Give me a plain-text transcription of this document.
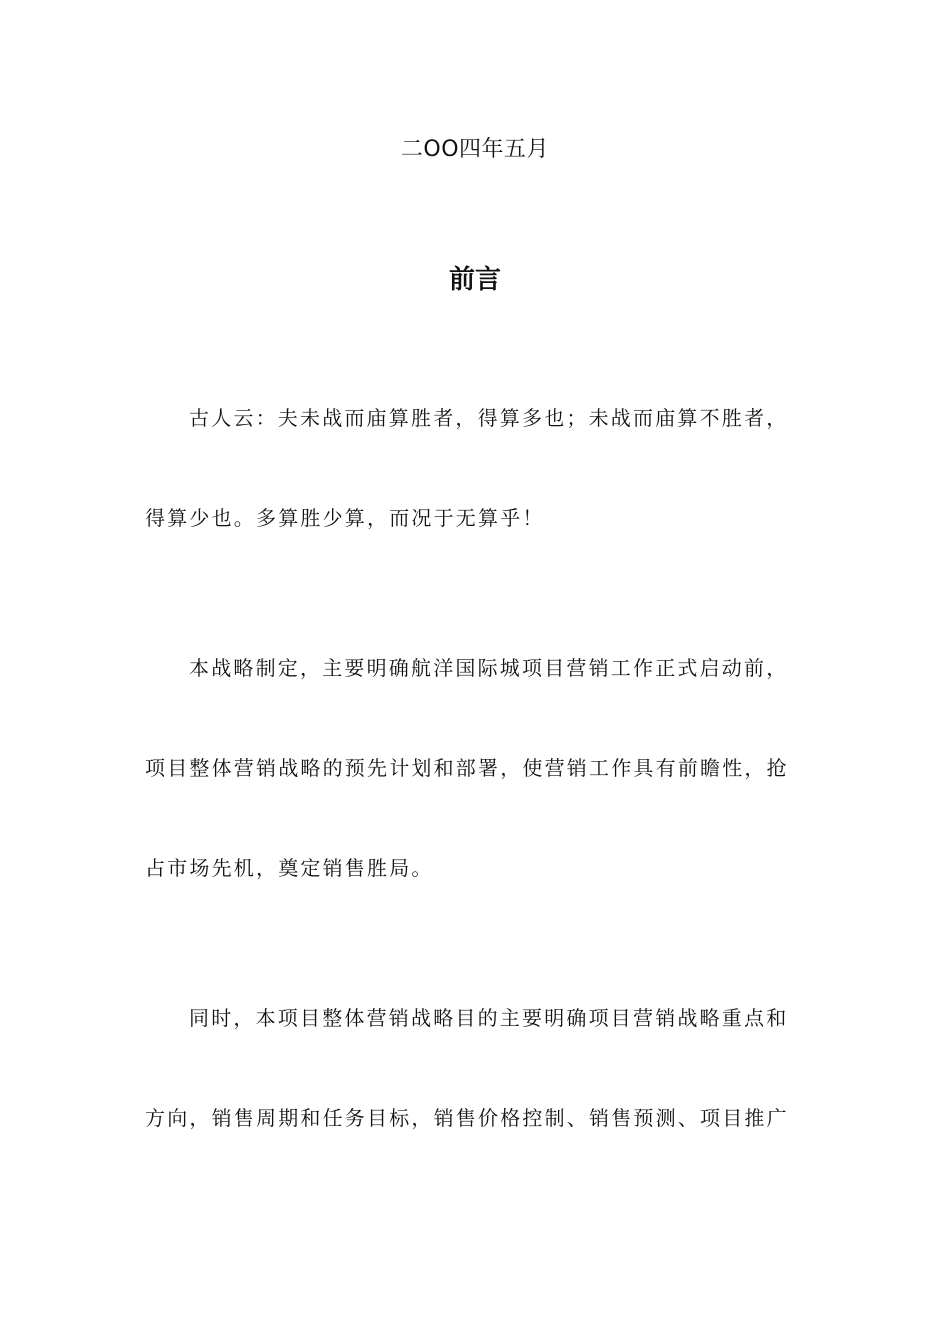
二OO四年五月
前言
古人云：夫未战而庙算胜者，得算多也；未战而庙算不胜者，
得算少也。多算胜少算，而况于无算乎！
本战略制定，主要明确航洋国际城项目营销工作正式启动前，
项目整体营销战略的预先计划和部署，使营销工作具有前瞻性，抢
占市场先机，奠定销售胜局。
同时，本项目整体营销战略目的主要明确项目营销战略重点和
方向，销售周期和任务目标，销售价格控制、销售预测、项目推广
